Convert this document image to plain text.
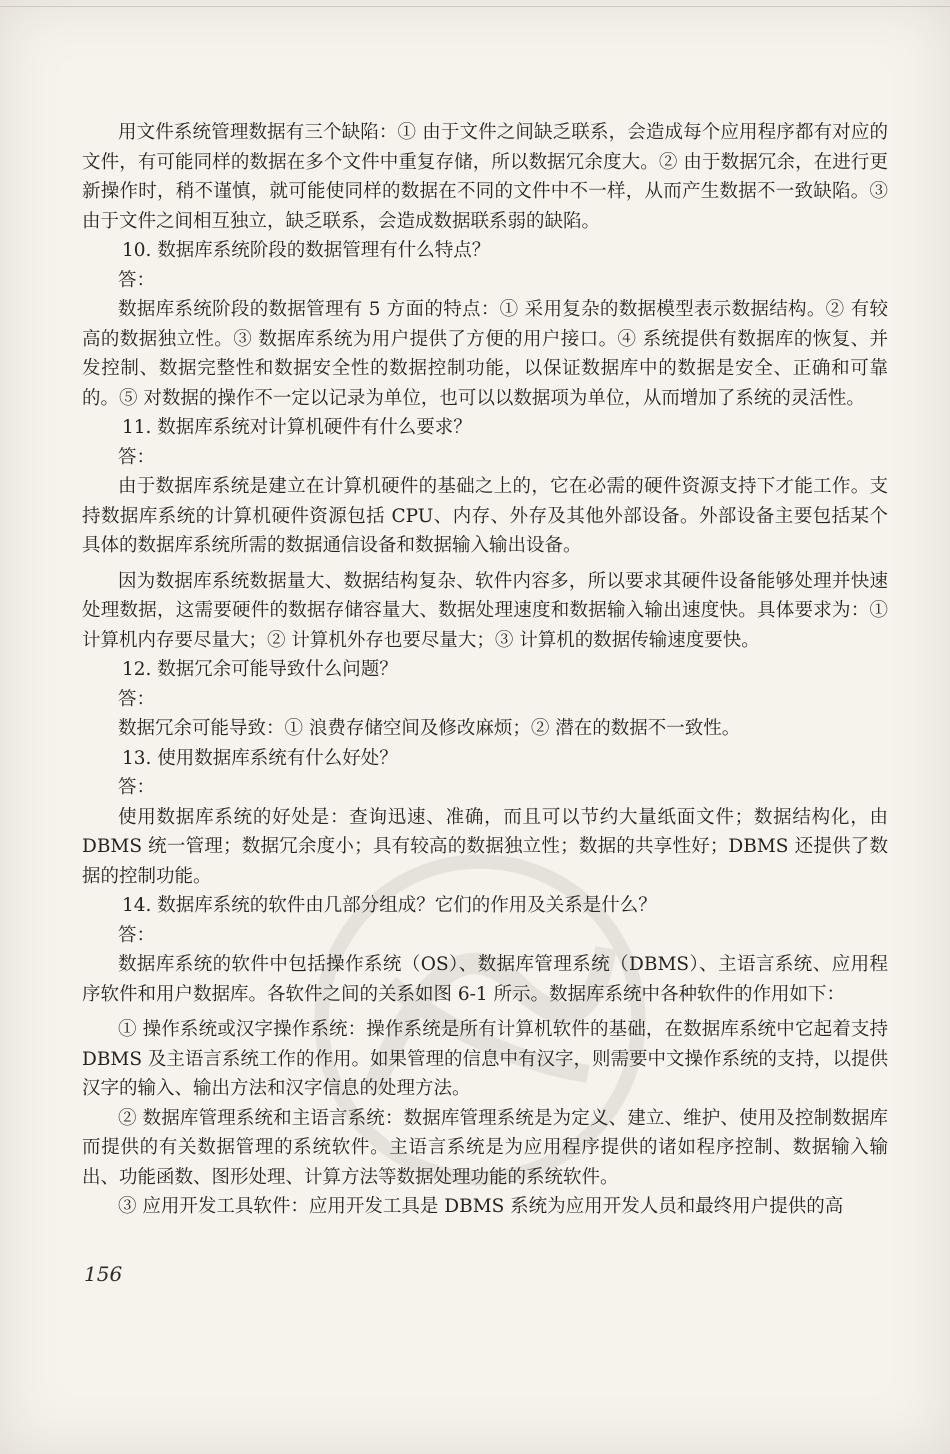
用文件系统管理数据有三个缺陷：① 由于文件之间缺乏联系，会造成每个应用程序都有对应的文件，有可能同样的数据在多个文件中重复存储，所以数据冗余度大。② 由于数据冗余，在进行更新操作时，稍不谨慎，就可能使同样的数据在不同的文件中不一样，从而产生数据不一致缺陷。③ 由于文件之间相互独立，缺乏联系，会造成数据联系弱的缺陷。

10. 数据库系统阶段的数据管理有什么特点？

答：

数据库系统阶段的数据管理有 5 方面的特点：① 采用复杂的数据模型表示数据结构。② 有较高的数据独立性。③ 数据库系统为用户提供了方便的用户接口。④ 系统提供有数据库的恢复、并发控制、数据完整性和数据安全性的数据控制功能，以保证数据库中的数据是安全、正确和可靠的。⑤ 对数据的操作不一定以记录为单位，也可以以数据项为单位，从而增加了系统的灵活性。

11. 数据库系统对计算机硬件有什么要求？

答：

由于数据库系统是建立在计算机硬件的基础之上的，它在必需的硬件资源支持下才能工作。支持数据库系统的计算机硬件资源包括 CPU、内存、外存及其他外部设备。外部设备主要包括某个具体的数据库系统所需的数据通信设备和数据输入输出设备。

因为数据库系统数据量大、数据结构复杂、软件内容多，所以要求其硬件设备能够处理并快速处理数据，这需要硬件的数据存储容量大、数据处理速度和数据输入输出速度快。具体要求为：① 计算机内存要尽量大；② 计算机外存也要尽量大；③ 计算机的数据传输速度要快。

12. 数据冗余可能导致什么问题？

答：

数据冗余可能导致：① 浪费存储空间及修改麻烦；② 潜在的数据不一致性。

13. 使用数据库系统有什么好处？

答：

使用数据库系统的好处是：查询迅速、准确，而且可以节约大量纸面文件；数据结构化，由 DBMS 统一管理；数据冗余度小；具有较高的数据独立性；数据的共享性好；DBMS 还提供了数据的控制功能。

14. 数据库系统的软件由几部分组成？它们的作用及关系是什么？

答：

数据库系统的软件中包括操作系统（OS）、数据库管理系统（DBMS）、主语言系统、应用程序软件和用户数据库。各软件之间的关系如图 6-1 所示。数据库系统中各种软件的作用如下：

① 操作系统或汉字操作系统：操作系统是所有计算机软件的基础，在数据库系统中它起着支持 DBMS 及主语言系统工作的作用。如果管理的信息中有汉字，则需要中文操作系统的支持，以提供汉字的输入、输出方法和汉字信息的处理方法。

② 数据库管理系统和主语言系统：数据库管理系统是为定义、建立、维护、使用及控制数据库而提供的有关数据管理的系统软件。主语言系统是为应用程序提供的诸如程序控制、数据输入输出、功能函数、图形处理、计算方法等数据处理功能的系统软件。

③ 应用开发工具软件：应用开发工具是 DBMS 系统为应用开发人员和最终用户提供的高

156
